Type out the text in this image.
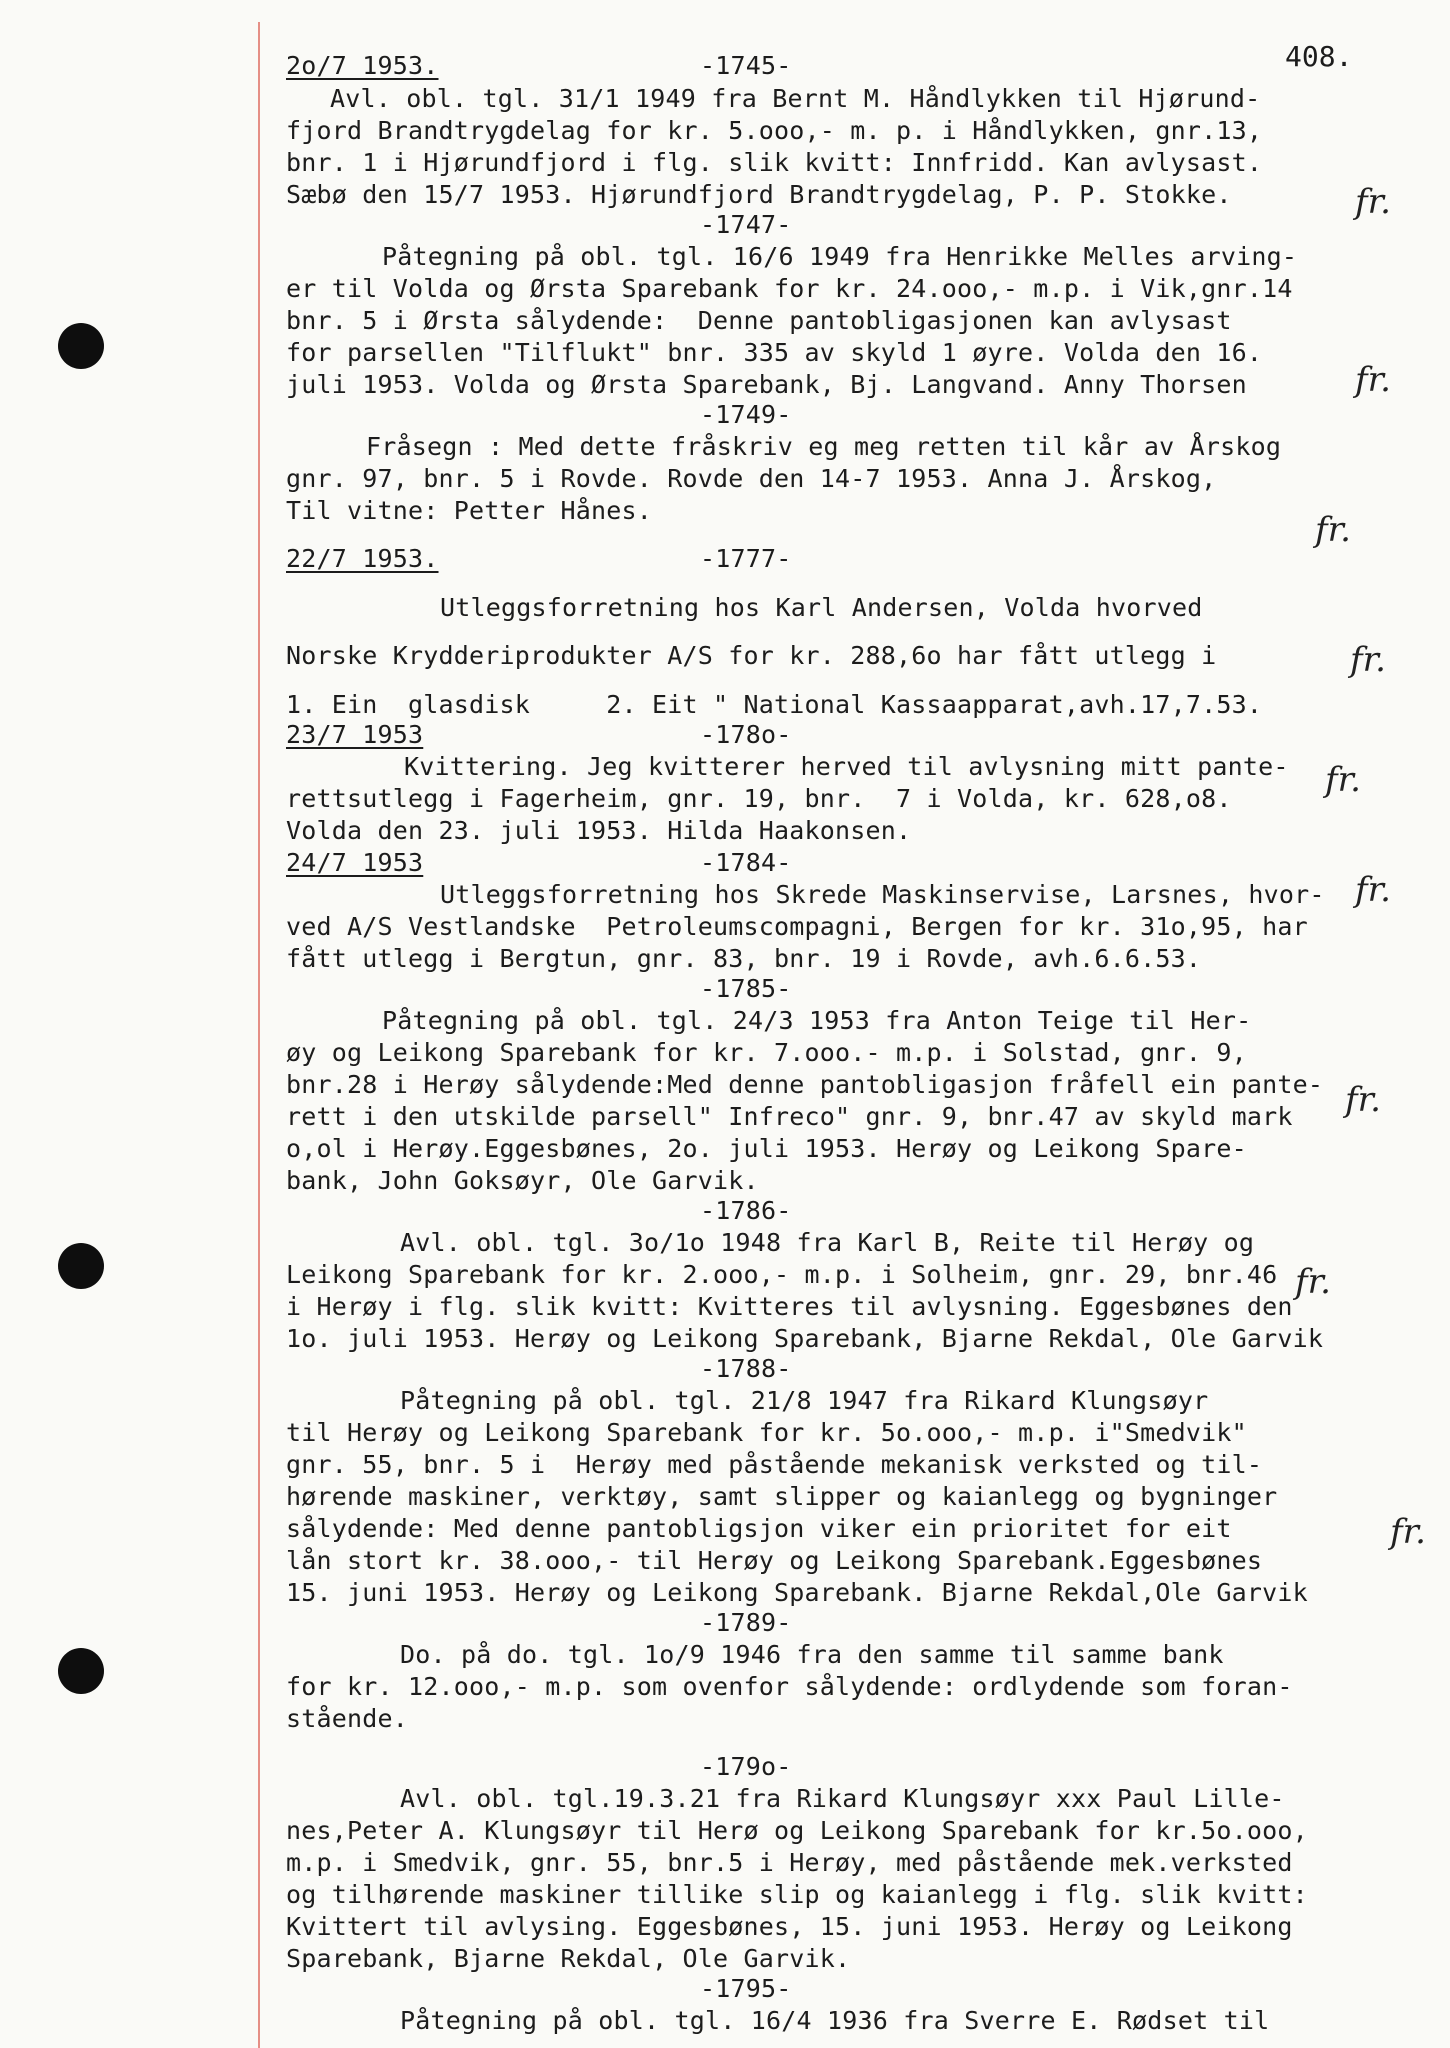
408.
fr.
fr.
fr.
fr.
fr.
fr.
fr.
fr.
fr.
2o/7 1953.	-1745-
Avl. obl. tgl. 31/1 1949 fra Bernt M. Håndlykken til Hjørund-
fjord Brandtrygdelag for kr. 5.ooo,- m. p. i Håndlykken, gnr.13,
bnr. 1 i Hjørundfjord i flg. slik kvitt: Innfridd. Kan avlysast.
Sæbø den 15/7 1953. Hjørundfjord Brandtrygdelag, P. P. Stokke.
-1747-
Påtegning på obl. tgl. 16/6 1949 fra Henrikke Melles arving-
er til Volda og Ørsta Sparebank for kr. 24.ooo,- m.p. i Vik,gnr.14
bnr. 5 i Ørsta sålydende:  Denne pantobligasjonen kan avlysast
for parsellen "Tilflukt" bnr. 335 av skyld 1 øyre. Volda den 16.
juli 1953. Volda og Ørsta Sparebank, Bj. Langvand. Anny Thorsen
-1749-
Fråsegn : Med dette fråskriv eg meg retten til kår av Årskog
gnr. 97, bnr. 5 i Rovde. Rovde den 14-7 1953. Anna J. Årskog,
Til vitne: Petter Hånes.
22/7 1953.	-1777-
Utleggsforretning hos Karl Andersen, Volda hvorved
Norske Krydderiprodukter A/S for kr. 288,6o har fått utlegg i
1. Ein  glasdisk     2. Eit " National Kassaapparat,avh.17,7.53.
23/7 1953	-178o-
Kvittering. Jeg kvitterer herved til avlysning mitt pante-
rettsutlegg i Fagerheim, gnr. 19, bnr.  7 i Volda, kr. 628,o8.
Volda den 23. juli 1953. Hilda Haakonsen.
24/7 1953	-1784-
Utleggsforretning hos Skrede Maskinservise, Larsnes, hvor-
ved A/S Vestlandske  Petroleumscompagni, Bergen for kr. 31o,95, har
fått utlegg i Bergtun, gnr. 83, bnr. 19 i Rovde, avh.6.6.53.
-1785-
Påtegning på obl. tgl. 24/3 1953 fra Anton Teige til Her-
øy og Leikong Sparebank for kr. 7.ooo.- m.p. i Solstad, gnr. 9,
bnr.28 i Herøy sålydende:Med denne pantobligasjon fråfell ein pante-
rett i den utskilde parsell" Infreco" gnr. 9, bnr.47 av skyld mark
o,ol i Herøy.Eggesbønes, 2o. juli 1953. Herøy og Leikong Spare-
bank, John Goksøyr, Ole Garvik.
-1786-
Avl. obl. tgl. 3o/1o 1948 fra Karl B, Reite til Herøy og
Leikong Sparebank for kr. 2.ooo,- m.p. i Solheim, gnr. 29, bnr.46
i Herøy i flg. slik kvitt: Kvitteres til avlysning. Eggesbønes den
1o. juli 1953. Herøy og Leikong Sparebank, Bjarne Rekdal, Ole Garvik
-1788-
Påtegning på obl. tgl. 21/8 1947 fra Rikard Klungsøyr
til Herøy og Leikong Sparebank for kr. 5o.ooo,- m.p. i"Smedvik"
gnr. 55, bnr. 5 i  Herøy med påstående mekanisk verksted og til-
hørende maskiner, verktøy, samt slipper og kaianlegg og bygninger
sålydende: Med denne pantobligsjon viker ein prioritet for eit
lån stort kr. 38.ooo,- til Herøy og Leikong Sparebank.Eggesbønes
15. juni 1953. Herøy og Leikong Sparebank. Bjarne Rekdal,Ole Garvik
-1789-
Do. på do. tgl. 1o/9 1946 fra den samme til samme bank
for kr. 12.ooo,- m.p. som ovenfor sålydende: ordlydende som foran-
stående.
-179o-
Avl. obl. tgl.19.3.21 fra Rikard Klungsøyr xxx Paul Lille-
nes,Peter A. Klungsøyr til Herø og Leikong Sparebank for kr.5o.ooo,
m.p. i Smedvik, gnr. 55, bnr.5 i Herøy, med påstående mek.verksted
og tilhørende maskiner tillike slip og kaianlegg i flg. slik kvitt:
Kvittert til avlysing. Eggesbønes, 15. juni 1953. Herøy og Leikong
Sparebank, Bjarne Rekdal, Ole Garvik.
-1795-
Påtegning på obl. tgl. 16/4 1936 fra Sverre E. Rødset til
